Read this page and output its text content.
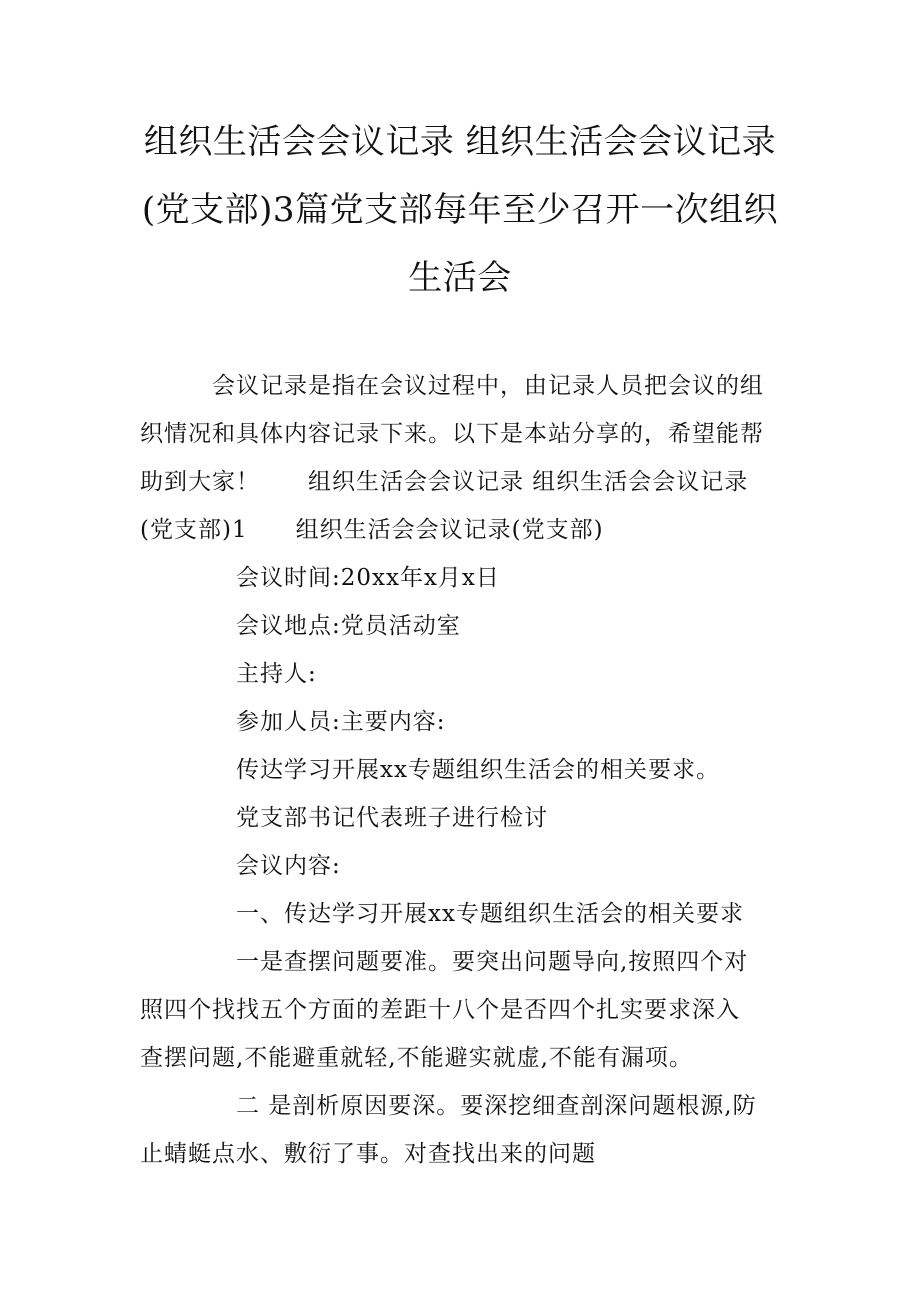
组织生活会会议记录 组织生活会会议记录
(党支部)3篇党支部每年至少召开一次组织
生活会
会议记录是指在会议过程中，由记录人员把会议的组
织情况和具体内容记录下来。以下是本站分享的，希望能帮
助到大家！ 组织生活会会议记录 组织生活会会议记录
(党支部)1 组织生活会会议记录(党支部)
会议时间:20xx年x月x日
会议地点:党员活动室
主持人:
参加人员:主要内容:
传达学习开展xx专题组织生活会的相关要求。
党支部书记代表班子进行检讨
会议内容:
一、传达学习开展xx专题组织生活会的相关要求
一是查摆问题要准。要突出问题导向,按照四个对
照四个找找五个方面的差距十八个是否四个扎实要求深入
查摆问题,不能避重就轻,不能避实就虚,不能有漏项。
二 是剖析原因要深。要深挖细查剖深问题根源,防
止蜻蜓点水、敷衍了事。对查找出来的问题
